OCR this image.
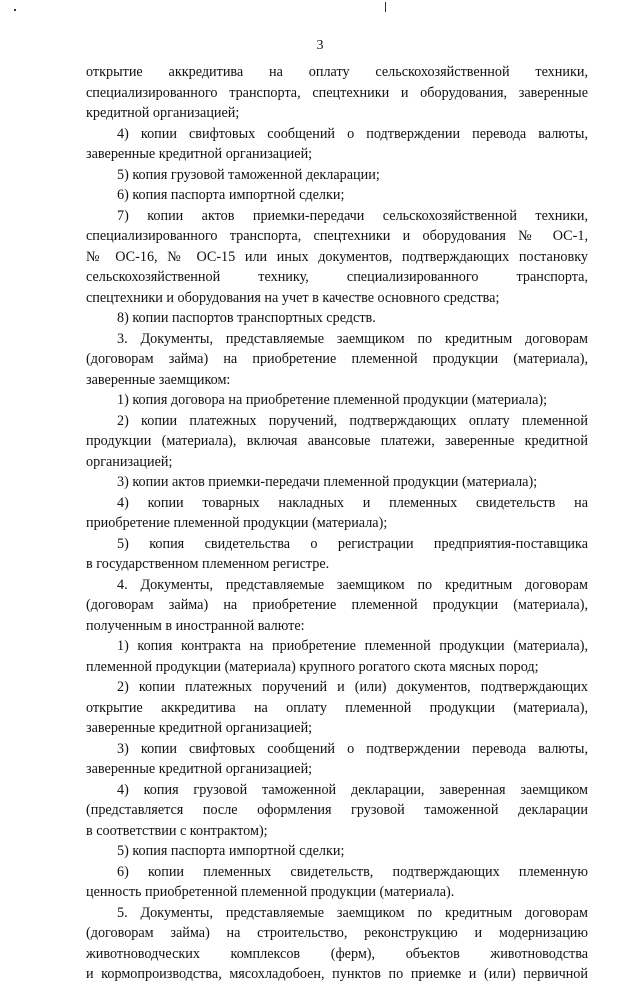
3
открытие аккредитива на оплату сельскохозяйственной техники,
специализированного транспорта, спецтехники и оборудования, заверенные
кредитной организацией;
4) копии свифтовых сообщений о подтверждении перевода валюты,
заверенные кредитной организацией;
5) копия грузовой таможенной декларации;
6) копия паспорта импортной сделки;
7) копии актов приемки-передачи сельскохозяйственной техники,
специализированного транспорта, спецтехники и оборудования № ОС-1,
№ ОС-16, № ОС-15 или иных документов, подтверждающих постановку
сельскохозяйственной технику, специализированного транспорта,
спецтехники и оборудования на учет в качестве основного средства;
8) копии паспортов транспортных средств.
3. Документы, представляемые заемщиком по кредитным договорам
(договорам займа) на приобретение племенной продукции (материала),
заверенные заемщиком:
1) копия договора на приобретение племенной продукции (материала);
2) копии платежных поручений, подтверждающих оплату племенной
продукции (материала), включая авансовые платежи, заверенные кредитной
организацией;
3) копии актов приемки-передачи племенной продукции (материала);
4) копии товарных накладных и племенных свидетельств на
приобретение племенной продукции (материала);
5) копия свидетельства о регистрации предприятия-поставщика
в государственном племенном регистре.
4. Документы, представляемые заемщиком по кредитным договорам
(договорам займа) на приобретение племенной продукции (материала),
полученным в иностранной валюте:
1) копия контракта на приобретение племенной продукции (материала),
племенной продукции (материала) крупного рогатого скота мясных пород;
2) копии платежных поручений и (или) документов, подтверждающих
открытие аккредитива на оплату племенной продукции (материала),
заверенные кредитной организацией;
3) копии свифтовых сообщений о подтверждении перевода валюты,
заверенные кредитной организацией;
4) копия грузовой таможенной декларации, заверенная заемщиком
(представляется после оформления грузовой таможенной декларации
в соответствии с контрактом);
5) копия паспорта импортной сделки;
6) копии племенных свидетельств, подтверждающих племенную
ценность приобретенной племенной продукции (материала).
5. Документы, представляемые заемщиком по кредитным договорам
(договорам займа) на строительство, реконструкцию и модернизацию
животноводческих комплексов (ферм), объектов животноводства
и кормопроизводства, мясохладобоен, пунктов по приемке и (или) первичной
